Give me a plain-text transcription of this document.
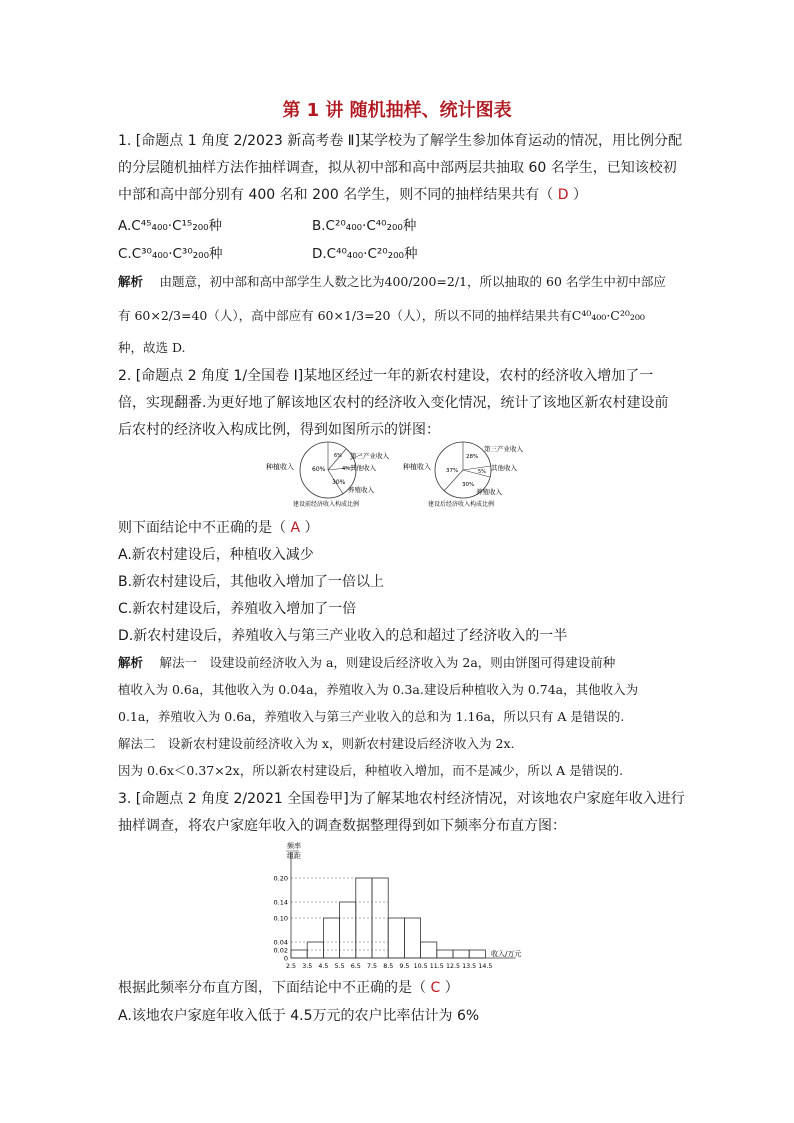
第 1 讲 随机抽样、统计图表
1. [命题点 1 角度 2/2023 新高考卷 Ⅱ]某学校为了解学生参加体育运动的情况，用比例分配
的分层随机抽样方法作抽样调查，拟从初中部和高中部两层共抽取 60 名学生，已知该校初
中部和高中部分别有 400 名和 200 名学生，则不同的抽样结果共有（ D ）
A.C⁴⁵₄₀₀·C¹⁵₂₀₀种	B.C²⁰₄₀₀·C⁴⁰₂₀₀种
C.C³⁰₄₀₀·C³⁰₂₀₀种	D.C⁴⁰₄₀₀·C²⁰₂₀₀种
解析　 由题意，初中部和高中部学生人数之比为400/200=2/1，所以抽取的 60 名学生中初中部应
有 60×2/3=40（人），高中部应有 60×1/3=20（人），所以不同的抽样结果共有C⁴⁰₄₀₀·C²⁰₂₀₀
种，故选 D.
2. [命题点 2 角度 1/全国卷 Ⅰ]某地区经过一年的新农村建设，农村的经济收入增加了一
倍，实现翻番.为更好地了解该地区农村的经济收入变化情况，统计了该地区新农村建设前
后农村的经济收入构成比例，得到如图所示的饼图：
60%
6%
4%
30%
种植收入
第三产业收入
其他收入
养殖收入
建设前经济收入构成比例
28%
5%
37%
30%
种植收入
第三产业收入
其他收入
养殖收入
建设后经济收入构成比例
则下面结论中不正确的是（ A ）
A.新农村建设后，种植收入减少
B.新农村建设后，其他收入增加了一倍以上
C.新农村建设后，养殖收入增加了一倍
D.新农村建设后，养殖收入与第三产业收入的总和超过了经济收入的一半
解析　 解法一　设建设前经济收入为 a，则建设后经济收入为 2a，则由饼图可得建设前种
植收入为 0.6a，其他收入为 0.04a，养殖收入为 0.3a.建设后种植收入为 0.74a，其他收入为
0.1a，养殖收入为 0.6a，养殖收入与第三产业收入的总和为 1.16a，所以只有 A 是错误的.
解法二　设新农村建设前经济收入为 x，则新农村建设后经济收入为 2x.
因为 0.6x＜0.37×2x，所以新农村建设后，种植收入增加，而不是减少，所以 A 是错误的.
3. [命题点 2 角度 2/2021 全国卷甲]为了解某地农村经济情况，对该地农户家庭年收入进行
抽样调查，将农户家庭年收入的调查数据整理得到如下频率分布直方图：
频率
组距
收入/万元
0.20
0.14
0.10
0.04
0.02
0
2.5 3.5 4.5 5.5 6.5 7.5 8.5 9.5 10.5 11.5 12.5 13.5 14.5
根据此频率分布直方图，下面结论中不正确的是（ C ）
A.该地农户家庭年收入低于 4.5万元的农户比率估计为 6%
